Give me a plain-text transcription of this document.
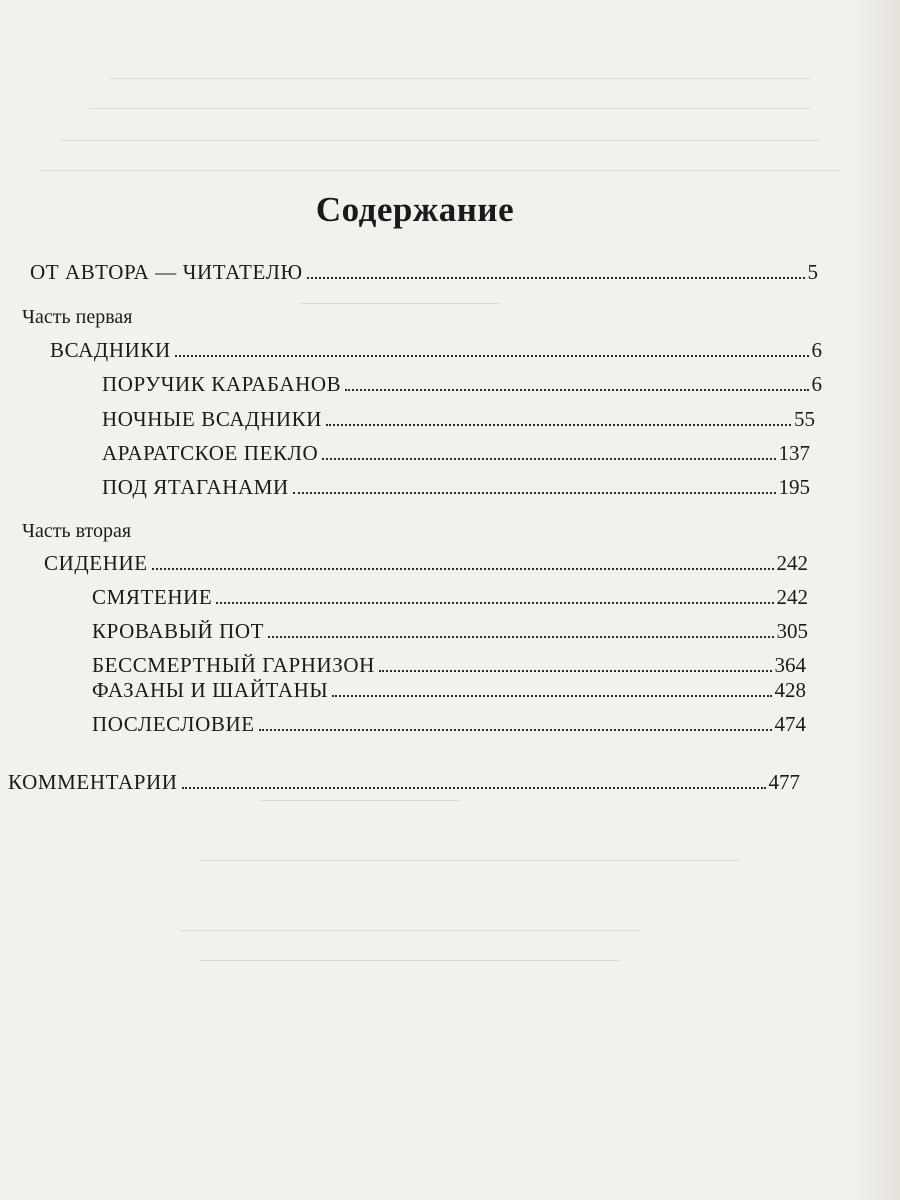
Содержание
ОТ АВТОРА — ЧИТАТЕЛЮ	5
Часть первая
ВСАДНИКИ	6
ПОРУЧИК КАРАБАНОВ	6
НОЧНЫЕ ВСАДНИКИ	55
АРАРАТСКОЕ ПЕКЛО	137
ПОД ЯТАГАНАМИ	195
Часть вторая
СИДЕНИЕ	242
СМЯТЕНИЕ	242
КРОВАВЫЙ ПОТ	305
БЕССМЕРТНЫЙ ГАРНИЗОН	364
ФАЗАНЫ И ШАЙТАНЫ	428
ПОСЛЕСЛОВИЕ	474
КОММЕНТАРИИ	477
